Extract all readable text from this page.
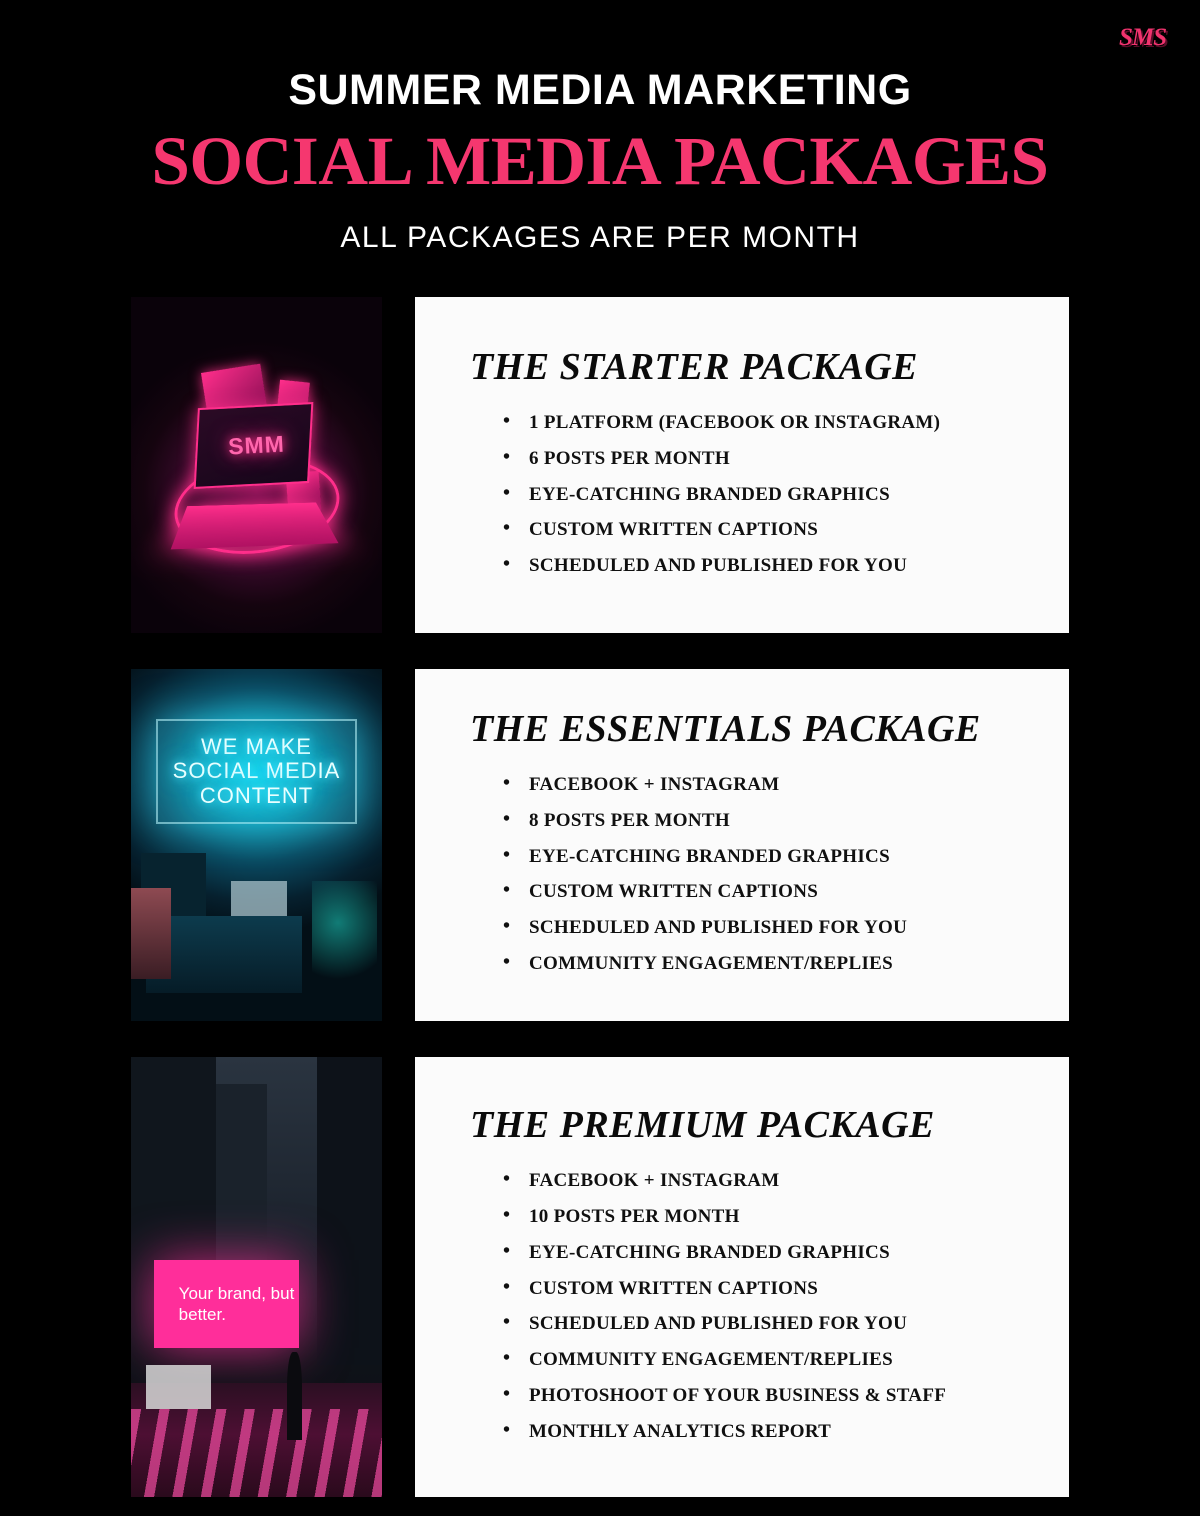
SMS
SUMMER MEDIA MARKETING
SOCIAL MEDIA PACKAGES
ALL PACKAGES ARE PER MONTH
SMM
THE STARTER PACKAGE
• 1 PLATFORM (FACEBOOK OR INSTAGRAM)
• 6 POSTS PER MONTH
• EYE-CATCHING BRANDED GRAPHICS
• CUSTOM WRITTEN CAPTIONS
• SCHEDULED AND PUBLISHED FOR YOU
WE MAKE SOCIAL MEDIA CONTENT
THE ESSENTIALS PACKAGE
• FACEBOOK + INSTAGRAM
• 8 POSTS PER MONTH
• EYE-CATCHING BRANDED GRAPHICS
• CUSTOM WRITTEN CAPTIONS
• SCHEDULED AND PUBLISHED FOR YOU
• COMMUNITY ENGAGEMENT/REPLIES
Your brand, but better.
THE PREMIUM PACKAGE
• FACEBOOK + INSTAGRAM
• 10 POSTS PER MONTH
• EYE-CATCHING BRANDED GRAPHICS
• CUSTOM WRITTEN CAPTIONS
• SCHEDULED AND PUBLISHED FOR YOU
• COMMUNITY ENGAGEMENT/REPLIES
• PHOTOSHOOT OF YOUR BUSINESS & STAFF
• MONTHLY ANALYTICS REPORT
